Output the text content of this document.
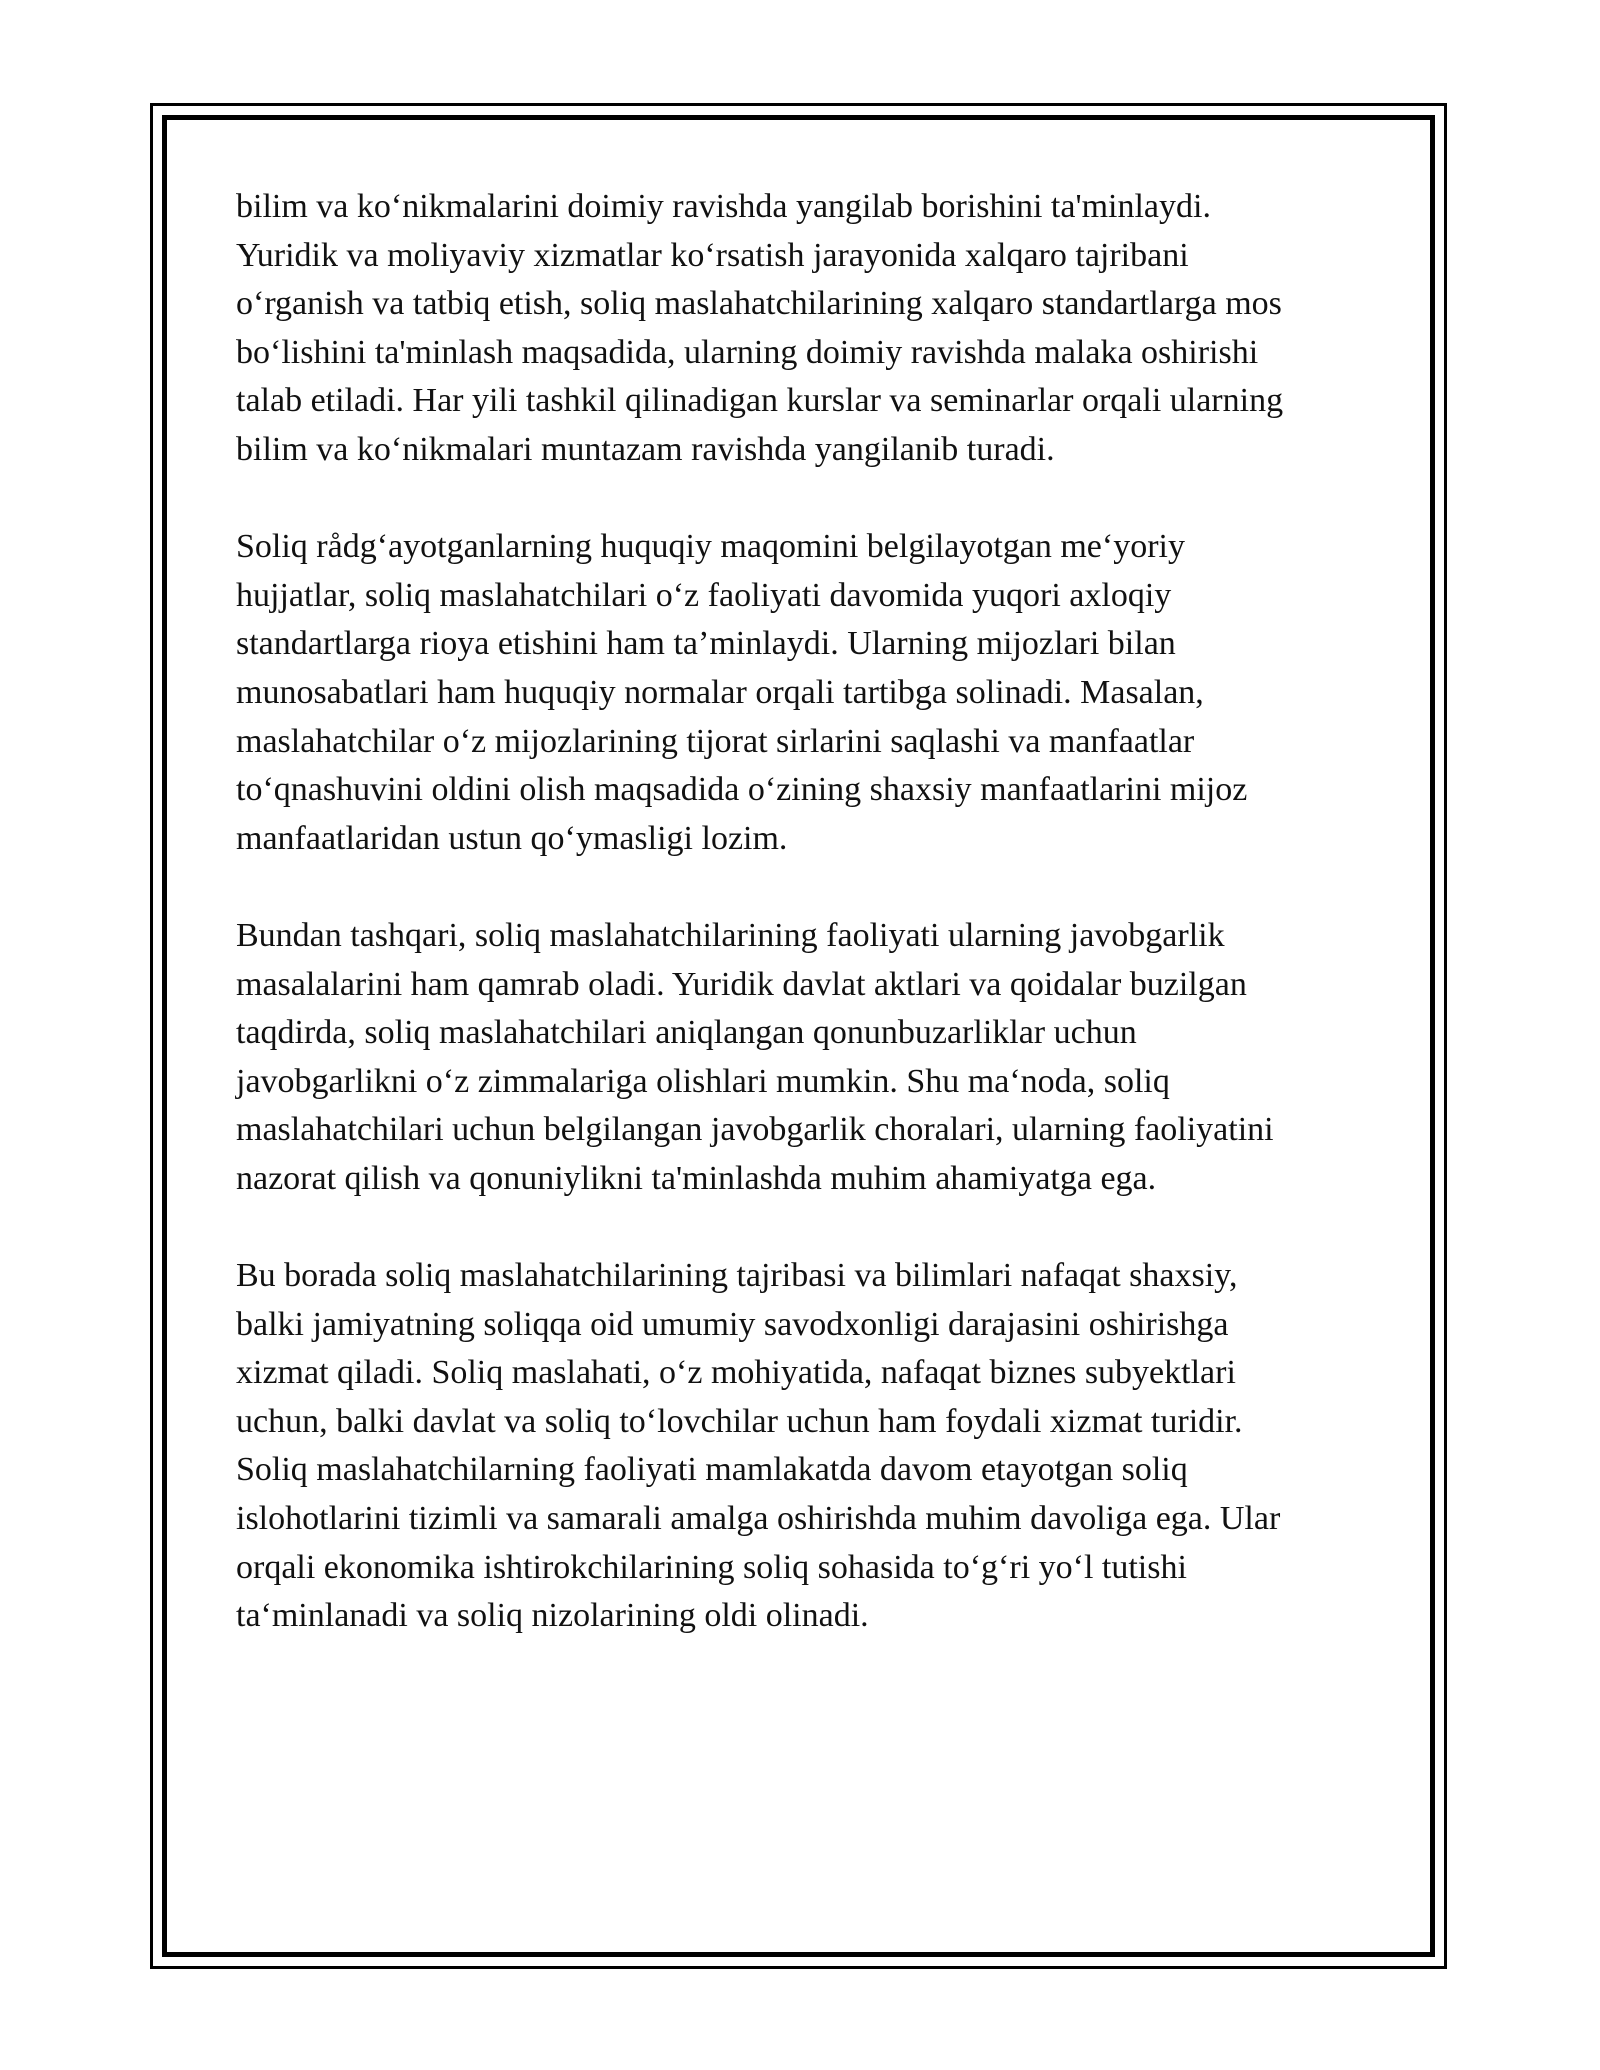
bilim va ko‘nikmalarini doimiy ravishda yangilab borishini ta'minlaydi.
Yuridik va moliyaviy xizmatlar ko‘rsatish jarayonida xalqaro tajribani
o‘rganish va tatbiq etish, soliq maslahatchilarining xalqaro standartlarga mos
bo‘lishini ta'minlash maqsadida, ularning doimiy ravishda malaka oshirishi
talab etiladi. Har yili tashkil qilinadigan kurslar va seminarlar orqali ularning
bilim va ko‘nikmalari muntazam ravishda yangilanib turadi.
Soliq rådg‘ayotganlarning huquqiy maqomini belgilayotgan me‘yoriy
hujjatlar, soliq maslahatchilari o‘z faoliyati davomida yuqori axloqiy
standartlarga rioya etishini ham ta’minlaydi. Ularning mijozlari bilan
munosabatlari ham huquqiy normalar orqali tartibga solinadi. Masalan,
maslahatchilar o‘z mijozlarining tijorat sirlarini saqlashi va manfaatlar
to‘qnashuvini oldini olish maqsadida o‘zining shaxsiy manfaatlarini mijoz
manfaatlaridan ustun qo‘ymasligi lozim.
Bundan tashqari, soliq maslahatchilarining faoliyati ularning javobgarlik
masalalarini ham qamrab oladi. Yuridik davlat aktlari va qoidalar buzilgan
taqdirda, soliq maslahatchilari aniqlangan qonunbuzarliklar uchun
javobgarlikni o‘z zimmalariga olishlari mumkin. Shu ma‘noda, soliq
maslahatchilari uchun belgilangan javobgarlik choralari, ularning faoliyatini
nazorat qilish va qonuniylikni ta'minlashda muhim ahamiyatga ega.
Bu borada soliq maslahatchilarining tajribasi va bilimlari nafaqat shaxsiy,
balki jamiyatning soliqqa oid umumiy savodxonligi darajasini oshirishga
xizmat qiladi. Soliq maslahati, o‘z mohiyatida, nafaqat biznes subyektlari
uchun, balki davlat va soliq to‘lovchilar uchun ham foydali xizmat turidir.
Soliq maslahatchilarning faoliyati mamlakatda davom etayotgan soliq
islohotlarini tizimli va samarali amalga oshirishda muhim davoliga ega. Ular
orqali ekonomika ishtirokchilarining soliq sohasida to‘g‘ri yo‘l tutishi
ta‘minlanadi va soliq nizolarining oldi olinadi.
